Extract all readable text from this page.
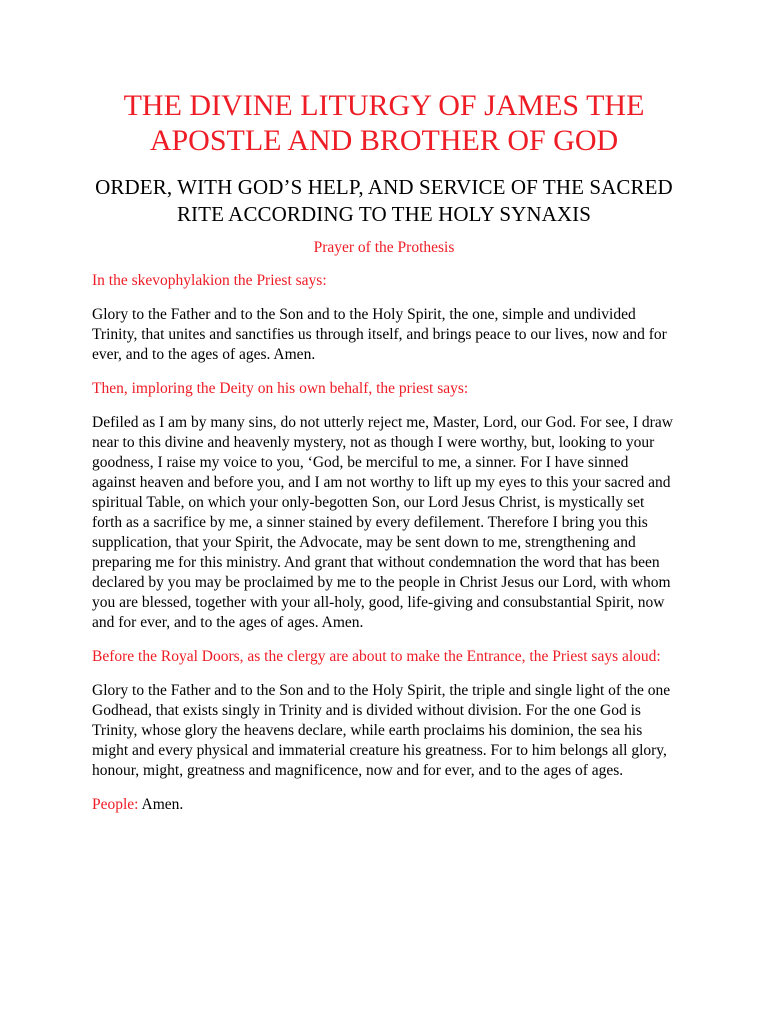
THE DIVINE LITURGY OF JAMES THE APOSTLE AND BROTHER OF GOD
ORDER, WITH GOD’S HELP, AND SERVICE OF THE SACRED RITE ACCORDING TO THE HOLY SYNAXIS
Prayer of the Prothesis

In the skevophylakion the Priest says:

Glory to the Father and to the Son and to the Holy Spirit, the one, simple and undivided Trinity, that unites and sanctifies us through itself, and brings peace to our lives, now and for ever, and to the ages of ages. Amen.

Then, imploring the Deity on his own behalf, the priest says:

Defiled as I am by many sins, do not utterly reject me, Master, Lord, our God. For see, I draw near to this divine and heavenly mystery, not as though I were worthy, but, looking to your goodness, I raise my voice to you, ‘God, be merciful to me, a sinner. For I have sinned against heaven and before you, and I am not worthy to lift up my eyes to this your sacred and spiritual Table, on which your only-begotten Son, our Lord Jesus Christ, is mystically set forth as a sacrifice by me, a sinner stained by every defilement. Therefore I bring you this supplication, that your Spirit, the Advocate, may be sent down to me, strengthening and preparing me for this ministry. And grant that without condemnation the word that has been declared by you may be proclaimed by me to the people in Christ Jesus our Lord, with whom you are blessed, together with your all-holy, good, life-giving and consubstantial Spirit, now and for ever, and to the ages of ages. Amen.

Before the Royal Doors, as the clergy are about to make the Entrance, the Priest says aloud:

Glory to the Father and to the Son and to the Holy Spirit, the triple and single light of the one Godhead, that exists singly in Trinity and is divided without division. For the one God is Trinity, whose glory the heavens declare, while earth proclaims his dominion, the sea his might and every physical and immaterial creature his greatness. For to him belongs all glory, honour, might, greatness and magnificence, now and for ever, and to the ages of ages.

People: Amen.
